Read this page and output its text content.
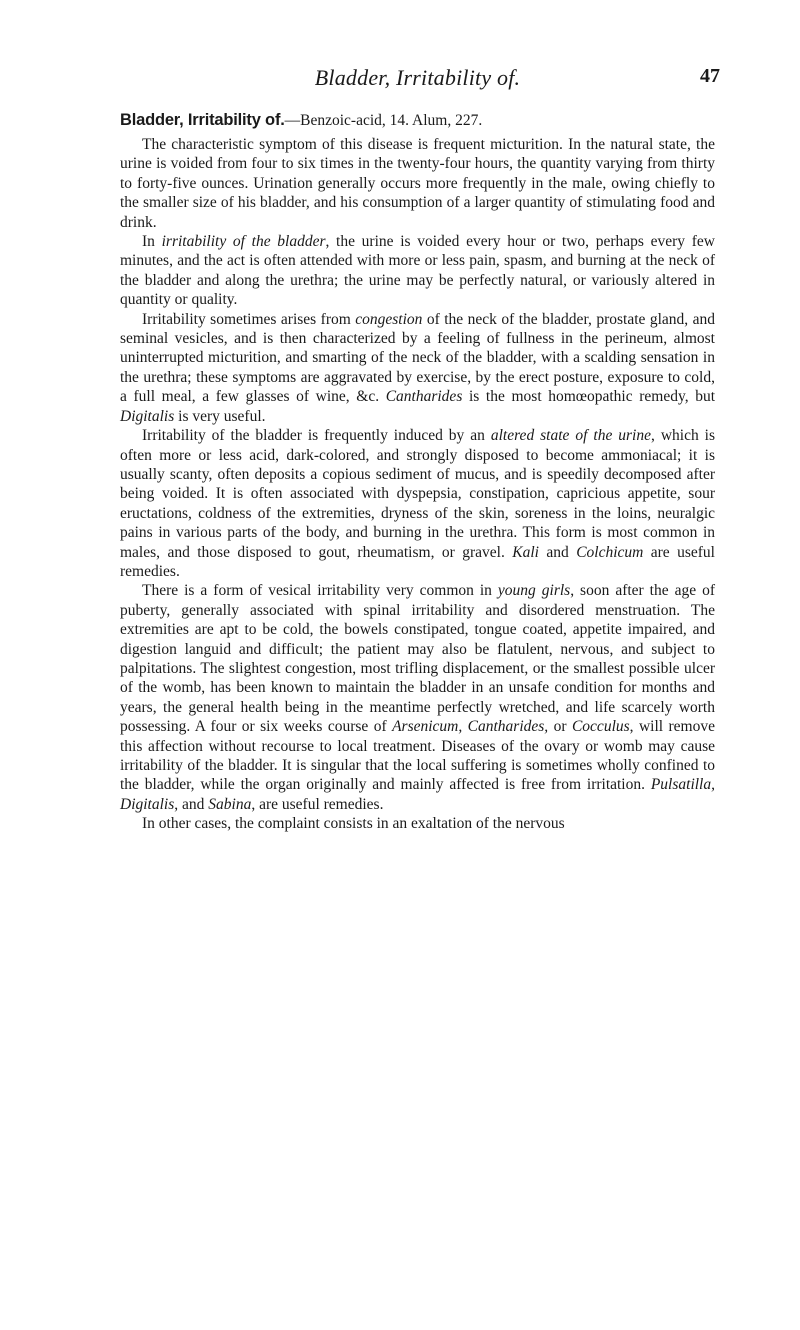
Bladder, Irritability of.	47
Bladder, Irritability of.—Benzoic-acid, 14. Alum, 227.

The characteristic symptom of this disease is frequent micturition. In the natural state, the urine is voided from four to six times in the twenty-four hours, the quantity varying from thirty to forty-five ounces. Urination generally occurs more frequently in the male, owing chiefly to the smaller size of his bladder, and his consumption of a larger quantity of stimulating food and drink.

In irritability of the bladder, the urine is voided every hour or two, perhaps every few minutes, and the act is often attended with more or less pain, spasm, and burning at the neck of the bladder and along the urethra; the urine may be perfectly natural, or variously altered in quantity or quality.

Irritability sometimes arises from congestion of the neck of the bladder, prostate gland, and seminal vesicles, and is then characterized by a feeling of fullness in the perineum, almost uninterrupted micturition, and smarting of the neck of the bladder, with a scalding sensation in the urethra; these symptoms are aggravated by exercise, by the erect posture, exposure to cold, a full meal, a few glasses of wine, &c. Cantharides is the most homœopathic remedy, but Digitalis is very useful.

Irritability of the bladder is frequently induced by an altered state of the urine, which is often more or less acid, dark-colored, and strongly disposed to become ammoniacal; it is usually scanty, often deposits a copious sediment of mucus, and is speedily decomposed after being voided. It is often associated with dyspepsia, constipation, capricious appetite, sour eructations, coldness of the extremities, dryness of the skin, soreness in the loins, neuralgic pains in various parts of the body, and burning in the urethra. This form is most common in males, and those disposed to gout, rheumatism, or gravel. Kali and Colchicum are useful remedies.

There is a form of vesical irritability very common in young girls, soon after the age of puberty, generally associated with spinal irritability and disordered menstruation. The extremities are apt to be cold, the bowels constipated, tongue coated, appetite impaired, and digestion languid and difficult; the patient may also be flatulent, nervous, and subject to palpitations. The slightest congestion, most trifling displacement, or the smallest possible ulcer of the womb, has been known to maintain the bladder in an unsafe condition for months and years, the general health being in the meantime perfectly wretched, and life scarcely worth possessing. A four or six weeks course of Arsenicum, Cantharides, or Cocculus, will remove this affection without recourse to local treatment. Diseases of the ovary or womb may cause irritability of the bladder. It is singular that the local suffering is sometimes wholly confined to the bladder, while the organ originally and mainly affected is free from irritation. Pulsatilla, Digitalis, and Sabina, are useful remedies.

In other cases, the complaint consists in an exaltation of the nervous
